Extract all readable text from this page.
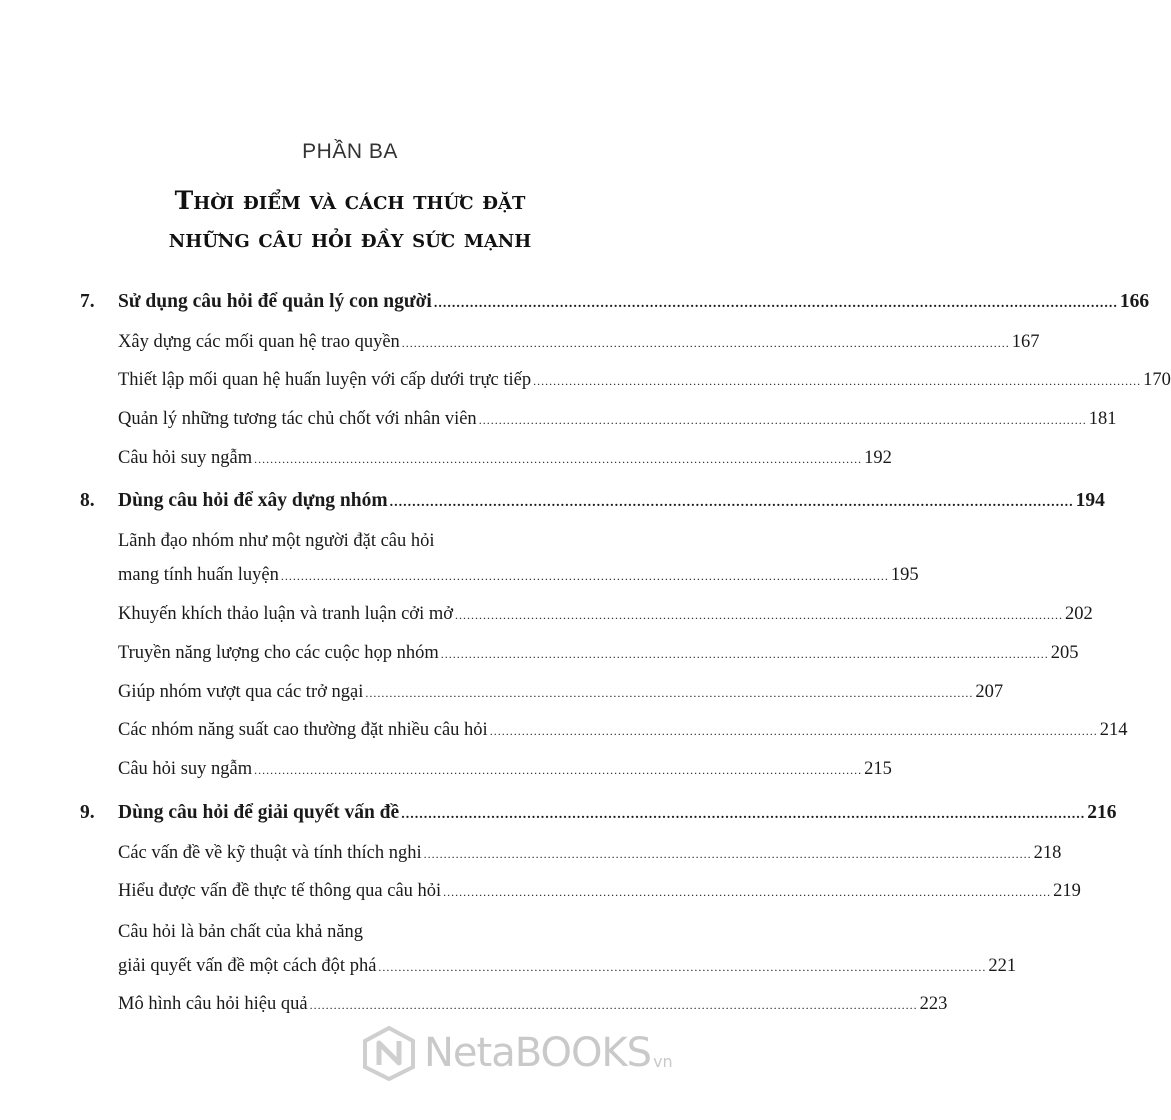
PHẦN BA
Thời điểm và cách thức đặt
những câu hỏi đầy sức mạnh
7. Sử dụng câu hỏi để quản lý con người ........................................................................................................................................................ 166
Xây dựng các mối quan hệ trao quyền ........................................................................................................................................................ 167
Thiết lập mối quan hệ huấn luyện với cấp dưới trực tiếp ........................................................................................................................................................ 170
Quản lý những tương tác chủ chốt với nhân viên ........................................................................................................................................................ 181
Câu hỏi suy ngẫm ........................................................................................................................................................ 192
8. Dùng câu hỏi để xây dựng nhóm ........................................................................................................................................................ 194
Lãnh đạo nhóm như một người đặt câu hỏi
mang tính huấn luyện ........................................................................................................................................................ 195
Khuyến khích thảo luận và tranh luận cởi mở ........................................................................................................................................................ 202
Truyền năng lượng cho các cuộc họp nhóm ........................................................................................................................................................ 205
Giúp nhóm vượt qua các trở ngại ........................................................................................................................................................ 207
Các nhóm năng suất cao thường đặt nhiều câu hỏi ........................................................................................................................................................ 214
Câu hỏi suy ngẫm ........................................................................................................................................................ 215
9. Dùng câu hỏi để giải quyết vấn đề ........................................................................................................................................................ 216
Các vấn đề về kỹ thuật và tính thích nghi ........................................................................................................................................................ 218
Hiểu được vấn đề thực tế thông qua câu hỏi ........................................................................................................................................................ 219
Câu hỏi là bản chất của khả năng
giải quyết vấn đề một cách đột phá ........................................................................................................................................................ 221
Mô hình câu hỏi hiệu quả ........................................................................................................................................................ 223
NetaBOOKS vn
